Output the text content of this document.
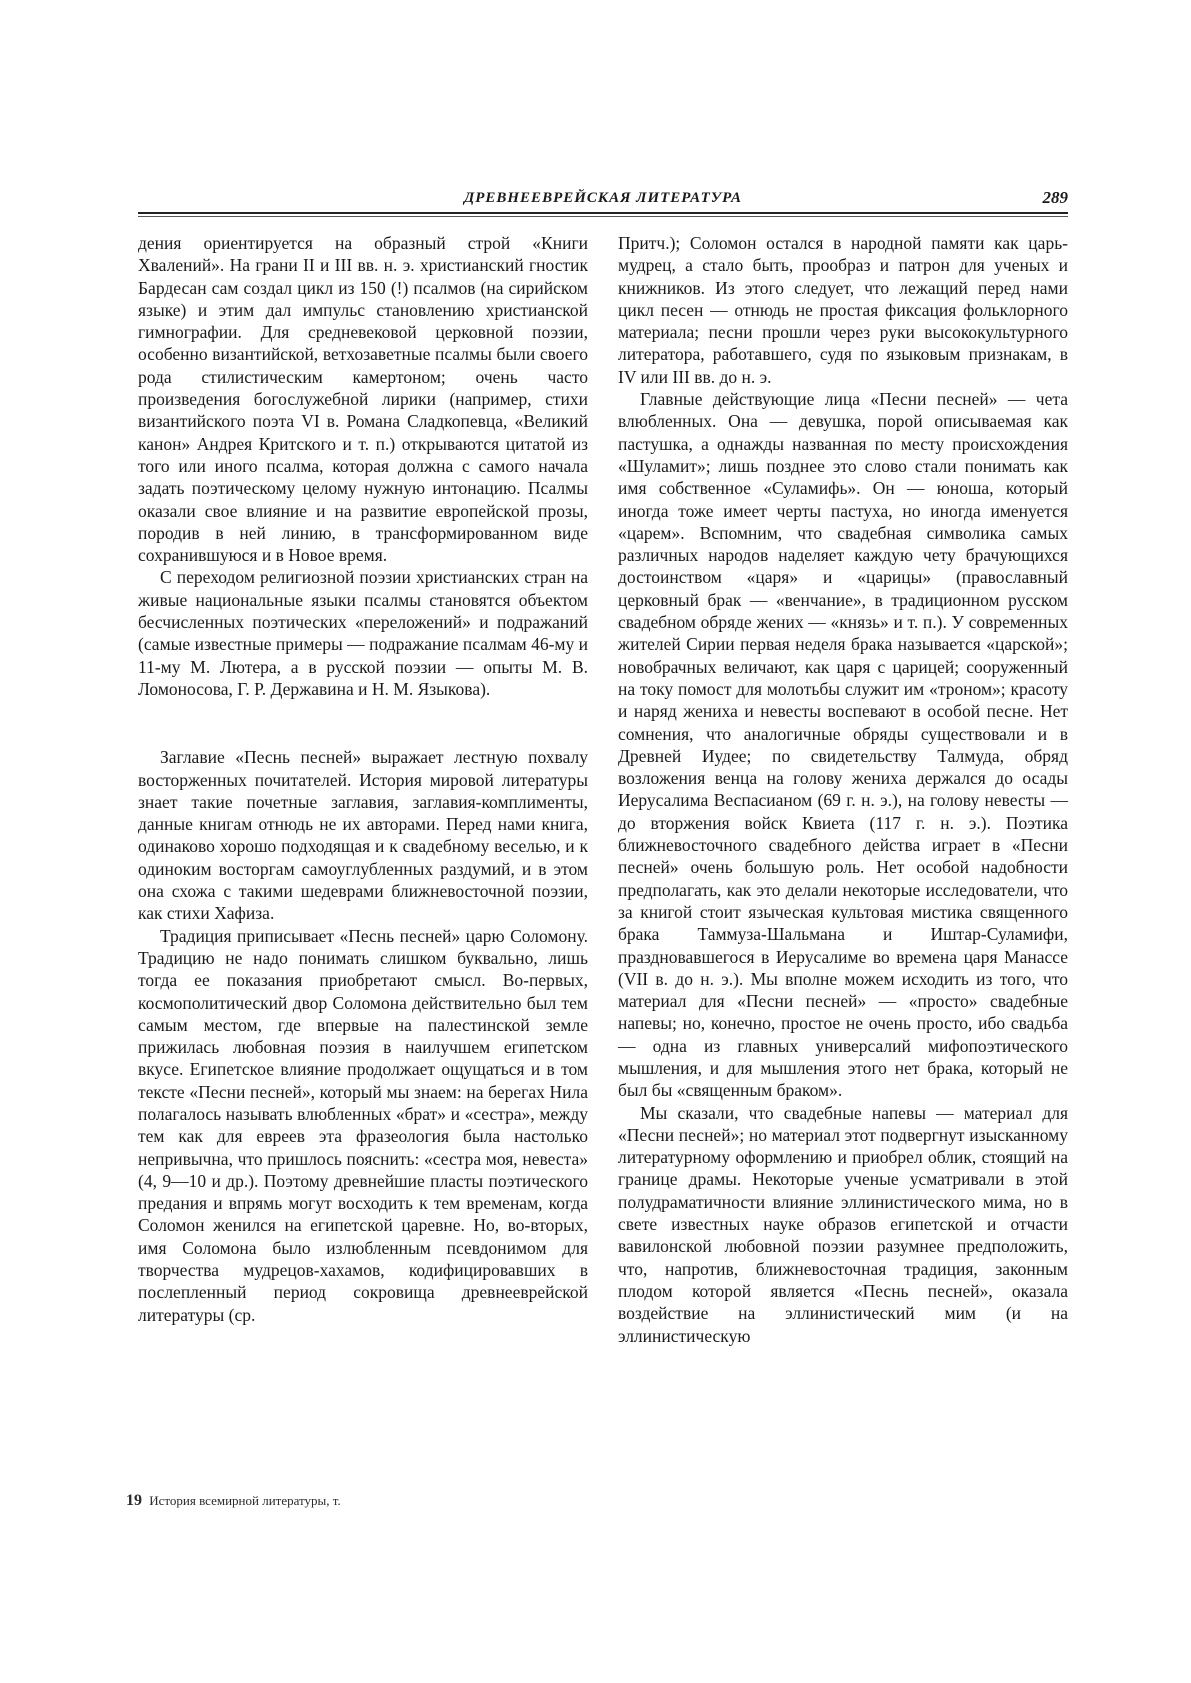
ДРЕВНЕЕВРЕЙСКАЯ ЛИТЕРАТУРА	289

дения ориентируется на образный строй «Книги Хвалений». На грани II и III вв. н. э. христианский гностик Бардесан сам создал цикл из 150 (!) псалмов (на сирийском языке) и этим дал импульс становлению христианской гимнографии. Для средневековой церковной поэзии, особенно византийской, ветхозаветные псалмы были своего рода стилистическим камертоном; очень часто произведения богослужебной лирики (например, стихи византийского поэта VI в. Романа Сладкопевца, «Великий канон» Андрея Критского и т. п.) открываются цитатой из того или иного псалма, которая должна с самого начала задать поэтическому целому нужную интонацию. Псалмы оказали свое влияние и на развитие европейской прозы, породив в ней линию, в трансформированном виде сохранившуюся и в Новое время.

С переходом религиозной поэзии христианских стран на живые национальные языки псалмы становятся объектом бесчисленных поэтических «переложений» и подражаний (самые известные примеры — подражание псалмам 46-му и 11-му М. Лютера, а в русской поэзии — опыты М. В. Ломоносова, Г. Р. Державина и Н. М. Языкова).

Заглавие «Песнь песней» выражает лестную похвалу восторженных почитателей. История мировой литературы знает такие почетные заглавия, заглавия-комплименты, данные книгам отнюдь не их авторами. Перед нами книга, одинаково хорошо подходящая и к свадебному веселью, и к одиноким восторгам самоуглубленных раздумий, и в этом она схожа с такими шедеврами ближневосточной поэзии, как стихи Хафиза.

Традиция приписывает «Песнь песней» царю Соломону. Традицию не надо понимать слишком буквально, лишь тогда ее показания приобретают смысл. Во-первых, космополитический двор Соломона действительно был тем самым местом, где впервые на палестинской земле прижилась любовная поэзия в наилучшем египетском вкусе. Египетское влияние продолжает ощущаться и в том тексте «Песни песней», который мы знаем: на берегах Нила полагалось называть влюбленных «брат» и «сестра», между тем как для евреев эта фразеология была настолько непривычна, что пришлось пояснить: «сестра моя, невеста» (4, 9—10 и др.). Поэтому древнейшие пласты поэтического предания и впрямь могут восходить к тем временам, когда Соломон женился на египетской царевне. Но, во-вторых, имя Соломона было излюбленным псевдонимом для творчества мудрецов-хахамов, кодифицировавших в послепленный период сокровища древнееврейской литературы (ср.

Притч.); Соломон остался в народной памяти как царь-мудрец, а стало быть, прообраз и патрон для ученых и книжников. Из этого следует, что лежащий перед нами цикл песен — отнюдь не простая фиксация фольклорного материала; песни прошли через руки высококультурного литератора, работавшего, судя по языковым признакам, в IV или III вв. до н. э.

Главные действующие лица «Песни песней» — чета влюбленных. Она — девушка, порой описываемая как пастушка, а однажды названная по месту происхождения «Шуламит»; лишь позднее это слово стали понимать как имя собственное «Суламифь». Он — юноша, который иногда тоже имеет черты пастуха, но иногда именуется «царем». Вспомним, что свадебная символика самых различных народов наделяет каждую чету брачующихся достоинством «царя» и «царицы» (православный церковный брак — «венчание», в традиционном русском свадебном обряде жених — «князь» и т. п.). У современных жителей Сирии первая неделя брака называется «царской»; новобрачных величают, как царя с царицей; сооруженный на току помост для молотьбы служит им «троном»; красоту и наряд жениха и невесты воспевают в особой песне. Нет сомнения, что аналогичные обряды существовали и в Древней Иудее; по свидетельству Талмуда, обряд возложения венца на голову жениха держался до осады Иерусалима Веспасианом (69 г. н. э.), на голову невесты — до вторжения войск Квиета (117 г. н. э.). Поэтика ближневосточного свадебного действа играет в «Песни песней» очень большую роль. Нет особой надобности предполагать, как это делали некоторые исследователи, что за книгой стоит языческая культовая мистика священного брака Таммуза-Шальмана и Иштар-Суламифи, праздновавшегося в Иерусалиме во времена царя Манассе (VII в. до н. э.). Мы вполне можем исходить из того, что материал для «Песни песней» — «просто» свадебные напевы; но, конечно, простое не очень просто, ибо свадьба — одна из главных универсалий мифопоэтического мышления, и для мышления этого нет брака, который не был бы «священным браком».

Мы сказали, что свадебные напевы — материал для «Песни песней»; но материал этот подвергнут изысканному литературному оформлению и приобрел облик, стоящий на границе драмы. Некоторые ученые усматривали в этой полудраматичности влияние эллинистического мима, но в свете известных науке образов египетской и отчасти вавилонской любовной поэзии разумнее предположить, что, напротив, ближневосточная традиция, законным плодом которой является «Песнь песней», оказала воздействие на эллинистический мим (и на эллинистическую

19 История всемирной литературы, т.
